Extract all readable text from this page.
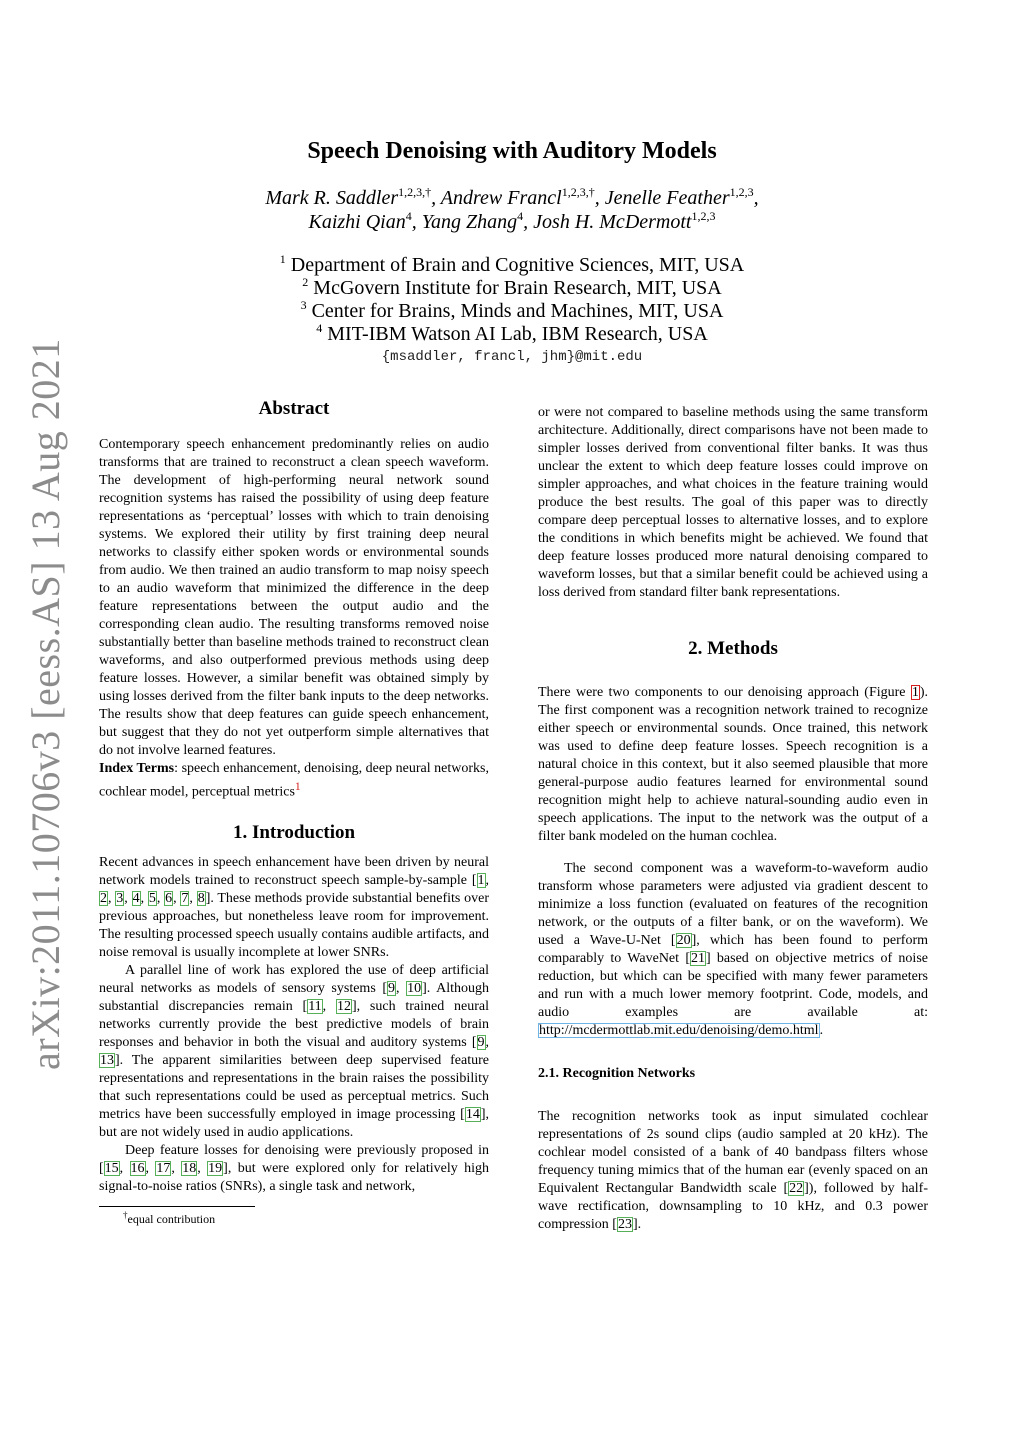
arXiv:2011.10706v3 [eess.AS] 13 Aug 2021
Speech Denoising with Auditory Models
Mark R. Saddler$^{1,2,3,\dagger}$, Andrew Francl$^{1,2,3,\dagger}$, Jenelle Feather$^{1,2,3}$,
Kaizhi Qian$^4$, Yang Zhang$^4$, Josh H. McDermott$^{1,2,3}$
$^1$ Department of Brain and Cognitive Sciences, MIT, USA
$^2$ McGovern Institute for Brain Research, MIT, USA
$^3$ Center for Brains, Minds and Machines, MIT, USA
$^4$ MIT-IBM Watson AI Lab, IBM Research, USA
{msaddler, francl, jhm}@mit.edu
Abstract

Contemporary speech enhancement predominantly relies on audio transforms that are trained to reconstruct a clean speech waveform. The development of high-performing neural network sound recognition systems has raised the possibility of using deep feature representations as ‘perceptual’ losses with which to train denoising systems. We explored their utility by first training deep neural networks to classify either spoken words or environmental sounds from audio. We then trained an audio transform to map noisy speech to an audio waveform that minimized the difference in the deep feature representations between the output audio and the corresponding clean audio. The resulting transforms removed noise substantially better than baseline methods trained to reconstruct clean waveforms, and also outperformed previous methods using deep feature losses. However, a similar benefit was obtained simply by using losses derived from the filter bank inputs to the deep networks. The results show that deep features can guide speech enhancement, but suggest that they do not yet outperform simple alternatives that do not involve learned features.

Index Terms: speech enhancement, denoising, deep neural networks, cochlear model, perceptual metrics$^1$

1. Introduction

Recent advances in speech enhancement have been driven by neural network models trained to reconstruct speech sample-by-sample [1, 2, 3, 4, 5, 6, 7, 8]. These methods provide substantial benefits over previous approaches, but nonetheless leave room for improvement. The resulting processed speech usually contains audible artifacts, and noise removal is usually incomplete at lower SNRs.

A parallel line of work has explored the use of deep artificial neural networks as models of sensory systems [9, 10]. Although substantial discrepancies remain [11, 12], such trained neural networks currently provide the best predictive models of brain responses and behavior in both the visual and auditory systems [9, 13]. The apparent similarities between deep supervised feature representations and representations in the brain raises the possibility that such representations could be used as perceptual metrics. Such metrics have been successfully employed in image processing [14], but are not widely used in audio applications.

Deep feature losses for denoising were previously proposed in [15, 16, 17, 18, 19], but were explored only for relatively high signal-to-noise ratios (SNRs), a single task and network,

†equal contribution

or were not compared to baseline methods using the same transform architecture. Additionally, direct comparisons have not been made to simpler losses derived from conventional filter banks. It was thus unclear the extent to which deep feature losses could improve on simpler approaches, and what choices in the feature training would produce the best results. The goal of this paper was to directly compare deep perceptual losses to alternative losses, and to explore the conditions in which benefits might be achieved. We found that deep feature losses produced more natural denoising compared to waveform losses, but that a similar benefit could be achieved using a loss derived from standard filter bank representations.

2. Methods

There were two components to our denoising approach (Figure 1). The first component was a recognition network trained to recognize either speech or environmental sounds. Once trained, this network was used to define deep feature losses. Speech recognition is a natural choice in this context, but it also seemed plausible that more general-purpose audio features learned for environmental sound recognition might help to achieve natural-sounding audio even in speech applications. The input to the network was the output of a filter bank modeled on the human cochlea.

The second component was a waveform-to-waveform audio transform whose parameters were adjusted via gradient descent to minimize a loss function (evaluated on features of the recognition network, or the outputs of a filter bank, or on the waveform). We used a Wave-U-Net [20], which has been found to perform comparably to WaveNet [21] based on objective metrics of noise reduction, but which can be specified with many fewer parameters and run with a much lower memory footprint. Code, models, and audio examples are available at: http://mcdermottlab.mit.edu/denoising/demo.html.

2.1. Recognition Networks

The recognition networks took as input simulated cochlear representations of 2s sound clips (audio sampled at 20 kHz). The cochlear model consisted of a bank of 40 bandpass filters whose frequency tuning mimics that of the human ear (evenly spaced on an Equivalent Rectangular Bandwidth scale [22]), followed by half-wave rectification, downsampling to 10 kHz, and 0.3 power compression [23].
